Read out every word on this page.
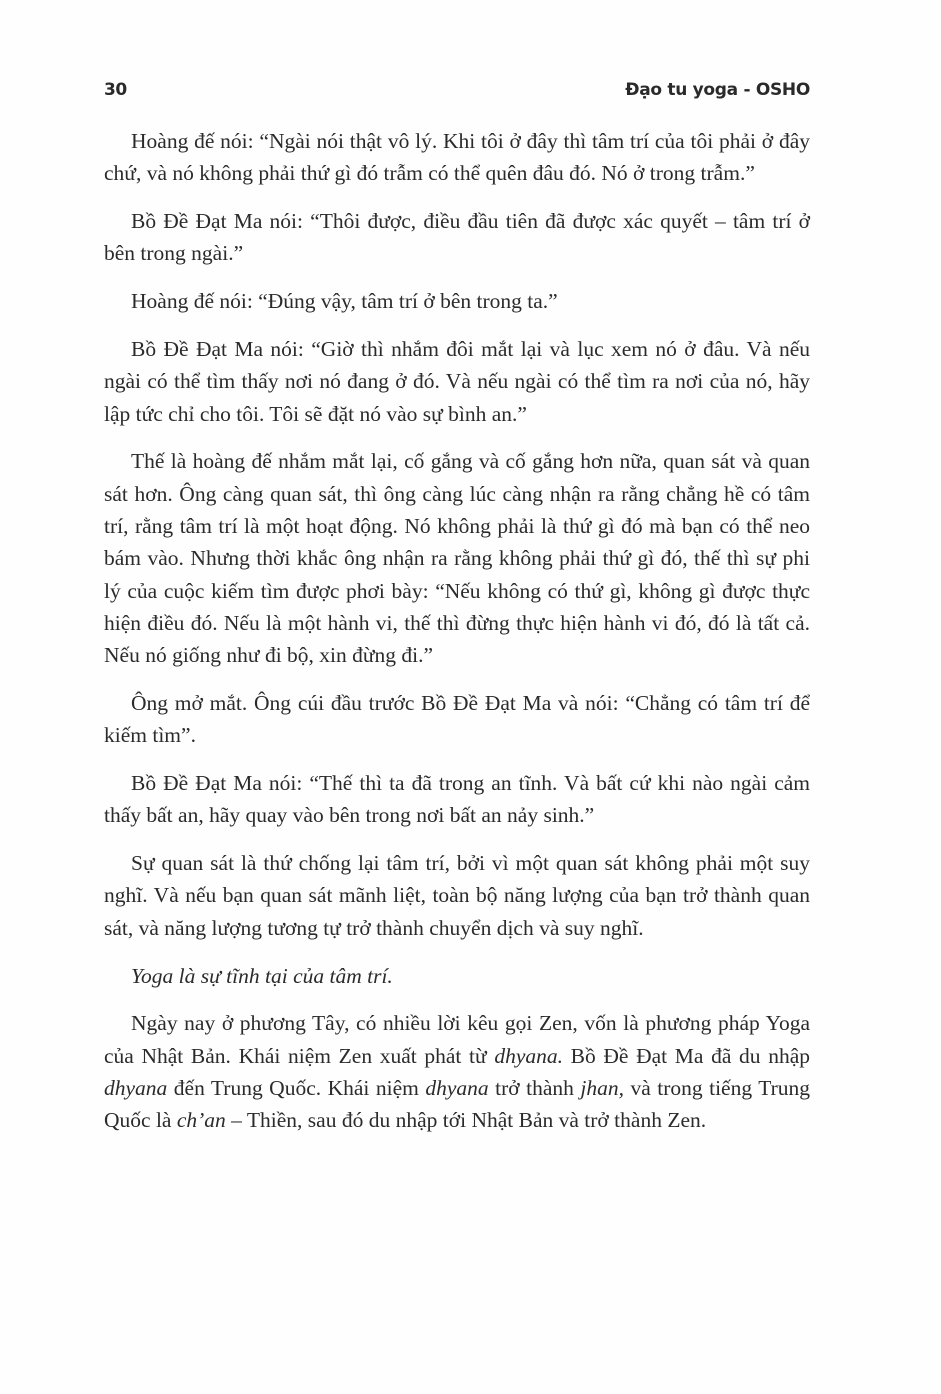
30	Đạo tu yoga - OSHO

Hoàng đế nói: “Ngài nói thật vô lý. Khi tôi ở đây thì tâm trí của tôi phải ở đây chứ, và nó không phải thứ gì đó trẫm có thể quên đâu đó. Nó ở trong trẫm.”

Bồ Đề Đạt Ma nói: “Thôi được, điều đầu tiên đã được xác quyết – tâm trí ở bên trong ngài.”

Hoàng đế nói: “Đúng vậy, tâm trí ở bên trong ta.”

Bồ Đề Đạt Ma nói: “Giờ thì nhắm đôi mắt lại và lục xem nó ở đâu. Và nếu ngài có thể tìm thấy nơi nó đang ở đó. Và nếu ngài có thể tìm ra nơi của nó, hãy lập tức chỉ cho tôi. Tôi sẽ đặt nó vào sự bình an.”

Thế là hoàng đế nhắm mắt lại, cố gắng và cố gắng hơn nữa, quan sát và quan sát hơn. Ông càng quan sát, thì ông càng lúc càng nhận ra rằng chẳng hề có tâm trí, rằng tâm trí là một hoạt động. Nó không phải là thứ gì đó mà bạn có thể neo bám vào. Nhưng thời khắc ông nhận ra rằng không phải thứ gì đó, thế thì sự phi lý của cuộc kiếm tìm được phơi bày: “Nếu không có thứ gì, không gì được thực hiện điều đó. Nếu là một hành vi, thế thì đừng thực hiện hành vi đó, đó là tất cả. Nếu nó giống như đi bộ, xin đừng đi.”

Ông mở mắt. Ông cúi đầu trước Bồ Đề Đạt Ma và nói: “Chẳng có tâm trí để kiếm tìm”.

Bồ Đề Đạt Ma nói: “Thế thì ta đã trong an tĩnh. Và bất cứ khi nào ngài cảm thấy bất an, hãy quay vào bên trong nơi bất an nảy sinh.”

Sự quan sát là thứ chống lại tâm trí, bởi vì một quan sát không phải một suy nghĩ. Và nếu bạn quan sát mãnh liệt, toàn bộ năng lượng của bạn trở thành quan sát, và năng lượng tương tự trở thành chuyển dịch và suy nghĩ.

Yoga là sự tĩnh tại của tâm trí.

Ngày nay ở phương Tây, có nhiều lời kêu gọi Zen, vốn là phương pháp Yoga của Nhật Bản. Khái niệm Zen xuất phát từ dhyana. Bồ Đề Đạt Ma đã du nhập dhyana đến Trung Quốc. Khái niệm dhyana trở thành jhan, và trong tiếng Trung Quốc là ch’an – Thiền, sau đó du nhập tới Nhật Bản và trở thành Zen.
